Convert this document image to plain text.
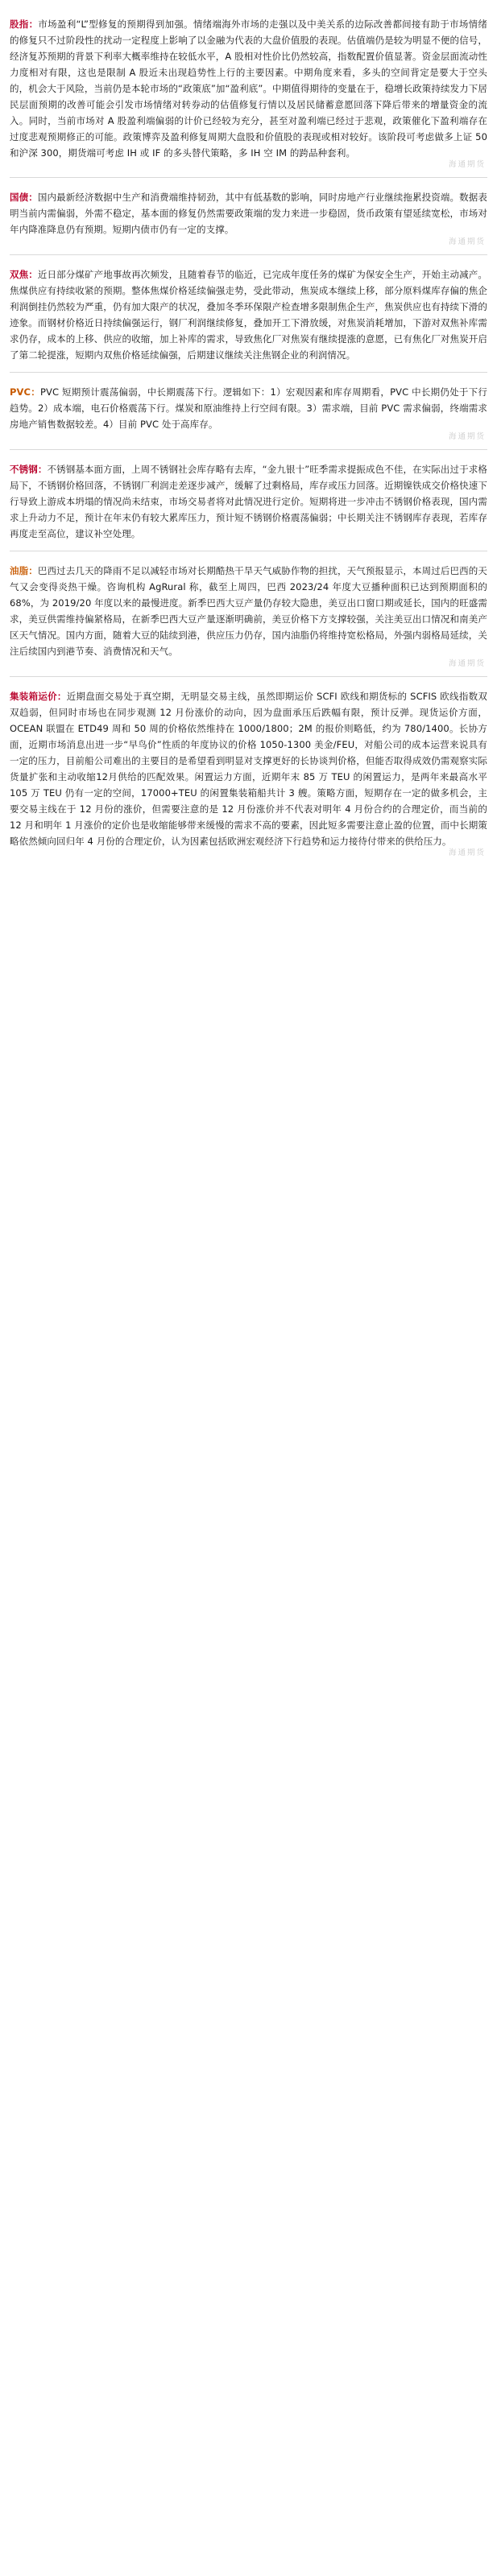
股指：市场盈利“L”型修复的预期得到加强。情绪端海外市场的走强以及中美关系的边际改善都间接有助于市场情绪的修复只不过阶段性的扰动一定程度上影响了以金融为代表的大盘价值股的表现。估值端仍是较为明显不便的信号，经济复苏预期的背景下利率大概率维持在较低水平，A 股相对性价比仍然较高，指数配置价值显著。资金层面流动性力度相对有限，这也是限制 A 股近未出现趋势性上行的主要因素。中期角度来看，多头的空间背定是要大于空头的，机会大于风险，当前仍是本轮市场的“政策底”加“盈利底”。中期值得期待的变量在于，稳增长政策持续发力下居民层面预期的改善可能会引发市场情绪对转券动的估值修复行情以及居民储蓄意愿回落下降后带来的增量资金的流入。同时，当前市场对 A 股盈利端偏弱的计价已经较为充分，甚至对盈利端已经过于悲观，政策催化下盈利端存在过度悲观预期修正的可能。政策博弈及盈利修复周期大盘股和价值股的表现或相对较好。该阶段可考虑做多上证 50 和沪深 300，期货端可考虑 IH 或 IF 的多头替代策略，多 IH 空 IM 的跨品种套利。

海通期货

国债：国内最新经济数据中生产和消费端维持韧劲，其中有低基数的影响，同时房地产行业继续拖累投资端。数据表明当前内需偏弱，外需不稳定，基本面的修复仍然需要政策端的发力来进一步稳固，货币政策有望延续宽松，市场对年内降准降息仍有预期。短期内债市仍有一定的支撑。

海通期货

双焦：近日部分煤矿产地事故再次频发，且随着春节的临近，已完成年度任务的煤矿为保安全生产，开始主动减产。焦煤供应有持续收紧的预期。整体焦煤价格延续偏强走势，受此带动，焦炭成本继续上移，部分原料煤库存偏的焦企利润倒挂仍然较为严重，仍有加大限产的状况，叠加冬季环保限产检查增多限制焦企生产，焦炭供应也有持续下滑的迹象。而钢材价格近日持续偏强运行，钢厂利润继续修复，叠加开工下滑放缓，对焦炭消耗增加，下游对双焦补库需求仍存，成本的上移、供应的收缩，加上补库的需求，导致焦化厂对焦炭有继续提涨的意愿，已有焦化厂对焦炭开启了第二轮提涨，短期内双焦价格延续偏强，后期建议继续关注焦钢企业的利润情况。

PVC：PVC 短期预计震荡偏弱，中长期震荡下行。逻辑如下：1）宏观因素和库存周期看，PVC 中长期仍处于下行趋势。2）成本端，电石价格震荡下行。煤炭和原油维持上行空间有限。3）需求端，目前 PVC 需求偏弱，终端需求房地产销售数据较差。4）目前 PVC 处于高库存。

海通期货

不锈钢：不锈钢基本面方面，上周不锈钢社会库存略有去库，“金九银十”旺季需求提振成色不佳，在实际出过于求格局下，不锈钢价格回落，不锈钢厂利润走差逐步减产，缓解了过剩格局，库存或压力回落。近期镍铁成交价格快速下行导致上游成本坍塌的情况尚未结束，市场交易者将对此情况进行定价。短期将进一步冲击不锈钢价格表现，国内需求上升动力不足，预计在年末仍有较大累库压力，预计短不锈钢价格震荡偏弱；中长期关注不锈钢库存表现，若库存再度走至高位，建议补空处理。

油脂：巴西过去几天的降雨不足以减轻市场对长期酷热干旱天气威胁作物的担扰，天气预报显示，本周过后巴西的天气又会变得炎热干燥。咨询机构 AgRural 称，截至上周四，巴西 2023/24 年度大豆播种面积已达到预期面积的 68%，为 2019/20 年度以来的最慢进度。新季巴西大豆产量仍存较大隐患，美豆出口窗口期或延长，国内的旺盛需求，美豆供需维持偏紧格局，在新季巴西大豆产量逐渐明确前，美豆价格下方支撑较强，关注美豆出口情况和南美产区天气情况。国内方面，随着大豆的陆续到港，供应压力仍存，国内油脂仍将维持宽松格局，外强内弱格局延续，关注后续国内到港节奏、消费情况和天气。

海通期货

集装箱运价：近期盘面交易处于真空期，无明显交易主线，虽然即期运价 SCFI 欧线和期货标的 SCFIS 欧线指数双双趋弱，但同时市场也在同步观测 12 月份涨价的动向，因为盘面承压后跌幅有限，预计反弹。现货运价方面，OCEAN 联盟在 ETD49 周和 50 周的价格依然维持在 1000/1800；2M 的报价则略低，约为 780/1400。长协方面，近期市场消息出进一步“早鸟价”性质的年度协议的价格 1050-1300 美金/FEU，对船公司的成本运营来说具有一定的压力，目前船公司难出的主要目的是希望看到明显对支撑更好的长协谈判价格，但能否取得成效仍需观察实际货量扩张和主动收缩12月供给的匹配效果。闲置运力方面，近期年末 85 万 TEU 的闲置运力，是两年来最高水平 105 万 TEU 仍有一定的空间，17000+TEU 的闲置集装箱船共计 3 艘。策略方面，短期存在一定的做多机会，主要交易主线在于 12 月份的涨价，但需要注意的是 12 月份涨价并不代表对明年 4 月份合约的合理定价，而当前的 12 月和明年 1 月涨价的定价也是收缩能够带来缓慢的需求不高的要素，因此短多需要注意止盈的位置，而中长期策略依然倾向回归年 4 月份的合理定价，认为因素包括欧洲宏观经济下行趋势和运力接待付带来的供给压力。

海通期货
